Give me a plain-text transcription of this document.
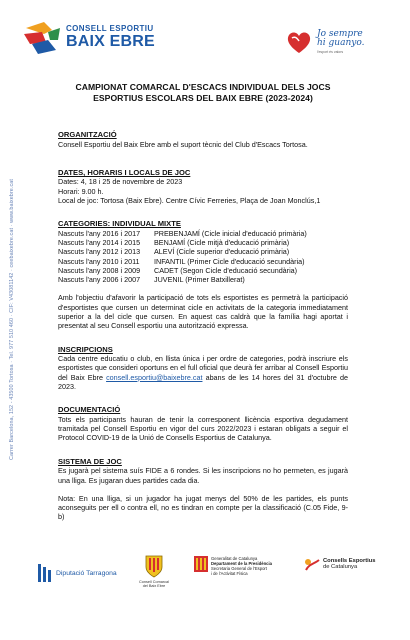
Carrer Barcelona, 152 - 43500 Tortosa · Tel. 977 510 460 · CIF: V43081142 · ceebaixebre.cat · www.baixebre.cat
CONSELL ESPORTIU
BAIX EBRE	Jo sempre
hi guanyo.
l'esport és valors
CAMPIONAT COMARCAL D'ESCACS INDIVIDUAL DELS JOCS
ESPORTIUS ESCOLARS DEL BAIX EBRE (2023-2024)
ORGANITZACIÓ

Consell Esportiu del Baix Ebre amb el suport tècnic del Club d'Escacs Tortosa.

DATES, HORARIS I LOCALS DE JOC

Dates: 4, 18 i 25 de novembre de 2023

Horari: 9.00 h.

Local de joc: Tortosa (Baix Ebre). Centre Cívic Ferreries, Plaça de Joan Monclús,1

CATEGORIES: INDIVIDUAL MIXTE
Nascuts l'any 2016 i 2017	PREBENJAMÍ (Cicle inicial d'educació primària)
Nascuts l'any 2014 i 2015	BENJAMÍ (Cicle mitjà d'educació primària)
Nascuts l'any 2012 i 2013	ALEVÍ (Cicle superior d'educació primària)
Nascuts l'any 2010 i 2011	INFANTIL (Primer Cicle d'educació secundària)
Nascuts l'any 2008 i 2009	CADET (Segon Cicle d'educació secundària)
Nascuts l'any 2006 i 2007	JUVENIL (Primer Batxillerat)

Amb l'objectiu d'afavorir la participació de tots els esportistes es permetrà la participació d'esportistes que cursen un determinat cicle en activitats de la categoria immediatament superior a la del cicle que cursen. En aquest cas caldrà que la família hagi aportat i presentat al seu Consell esportiu una autorització expressa.

INSCRIPCIONS

Cada centre educatiu o club, en llista única i per ordre de categories, podrà inscriure els esportistes que consideri oportuns en el full oficial que deurà fer arribar al Consell Esportiu del Baix Ebre consell.esportiu@baixebre.cat abans de les 14 hores del 31 d'octubre de 2023.

DOCUMENTACIÓ

Tots els participants hauran de tenir la corresponent llicència esportiva degudament tramitada pel Consell Esportiu en vigor del curs 2022/2023 i estaran obligats a seguir el Protocol COVID-19 de la Unió de Consells Esportius de Catalunya.

SISTEMA DE JOC

Es jugarà pel sistema suís FIDE a 6 rondes. Si les inscripcions no ho permeten, es jugarà una lliga. Es jugaran dues partides cada dia.

Nota: En una lliga, si un jugador ha jugat menys del 50% de les partides, els punts aconseguits per ell o contra ell, no es tindran en compte per la classificació (C.05 Fide, 9-b)

Diputació Tarragona
Consell Comarcal
del Baix Ebre
Generalitat de Catalunya
Departament de la Presidència
Secretaria General de l'Esport
i de l'Activitat Física
Consells Esportius
de Catalunya
